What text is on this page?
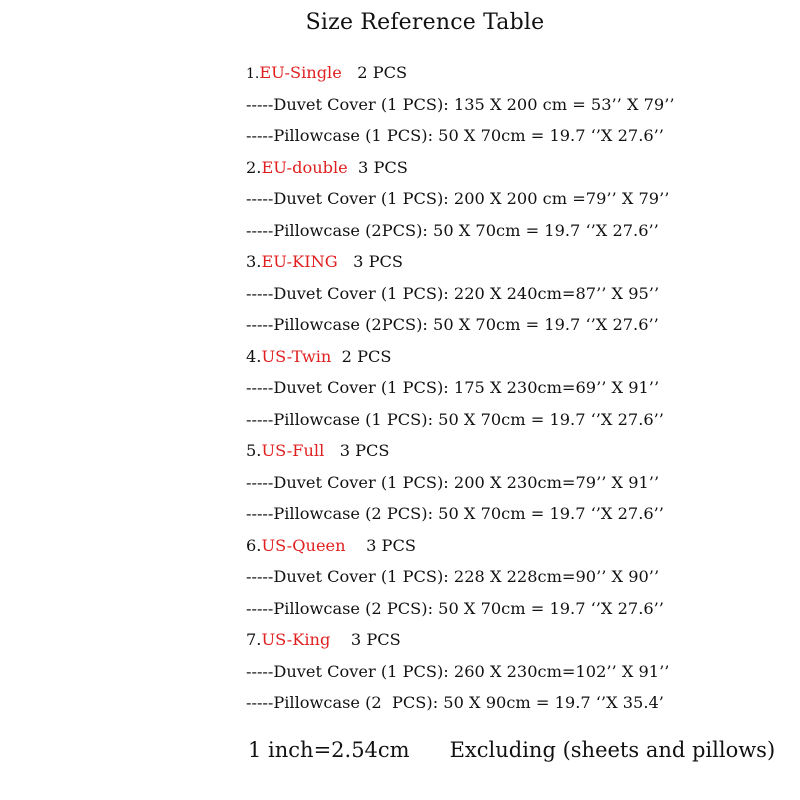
Size Reference Table
1.EU-Single   2 PCS
-----Duvet Cover (1 PCS): 135 X 200 cm = 53’’ X 79’’
-----Pillowcase (1 PCS): 50 X 70cm = 19.7 ‘’X 27.6’’
2.EU-double  3 PCS
-----Duvet Cover (1 PCS): 200 X 200 cm =79’’ X 79’’
-----Pillowcase (2PCS): 50 X 70cm = 19.7 ‘’X 27.6’’
3.EU-KING   3 PCS
-----Duvet Cover (1 PCS): 220 X 240cm=87’’ X 95’’
-----Pillowcase (2PCS): 50 X 70cm = 19.7 ‘’X 27.6’’
4.US-Twin  2 PCS
-----Duvet Cover (1 PCS): 175 X 230cm=69’’ X 91’’
-----Pillowcase (1 PCS): 50 X 70cm = 19.7 ‘’X 27.6’’
5.US-Full   3 PCS
-----Duvet Cover (1 PCS): 200 X 230cm=79’’ X 91’’
-----Pillowcase (2 PCS): 50 X 70cm = 19.7 ‘’X 27.6’’
6.US-Queen    3 PCS
-----Duvet Cover (1 PCS): 228 X 228cm=90’’ X 90’’
-----Pillowcase (2 PCS): 50 X 70cm = 19.7 ‘’X 27.6’’
7.US-King    3 PCS
-----Duvet Cover (1 PCS): 260 X 230cm=102’’ X 91’’
-----Pillowcase (2  PCS): 50 X 90cm = 19.7 ‘’X 35.4’
1 inch=2.54cm Excluding (sheets and pillows)
